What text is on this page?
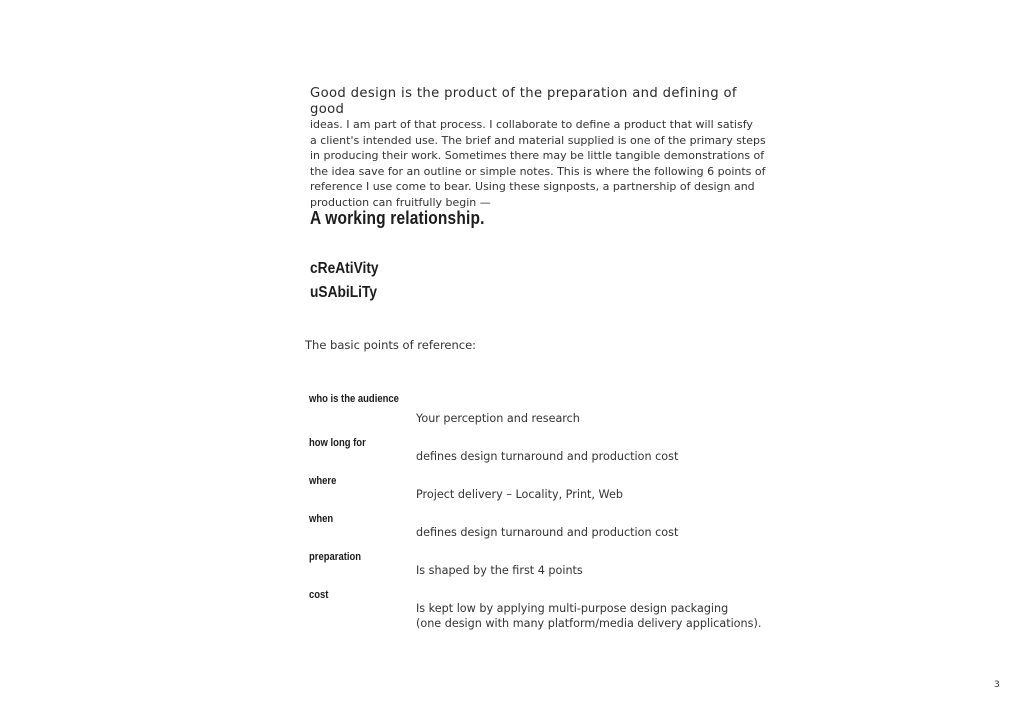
Good design is the product of the preparation and defining of good
ideas. I am part of that process. I collaborate to define a product that will satisfy
a client's intended use. The brief and material supplied is one of the primary steps
in producing their work. Sometimes there may be little tangible demonstrations of
the idea save for an outline or simple notes. This is where the following 6 points of
reference I use come to bear. Using these signposts, a partnership of design and
production can fruitfully begin —
A working relationship.
cReAtiVity
uSAbiLiTy
The basic points of reference:
who is the audience
Your perception and research
how long for
defines design turnaround and production cost
where
Project delivery – Locality, Print, Web
when
defines design turnaround and production cost
preparation
Is shaped by the first 4 points
cost
Is kept low by applying multi-purpose design packaging
(one design with many platform/media delivery applications).
3
